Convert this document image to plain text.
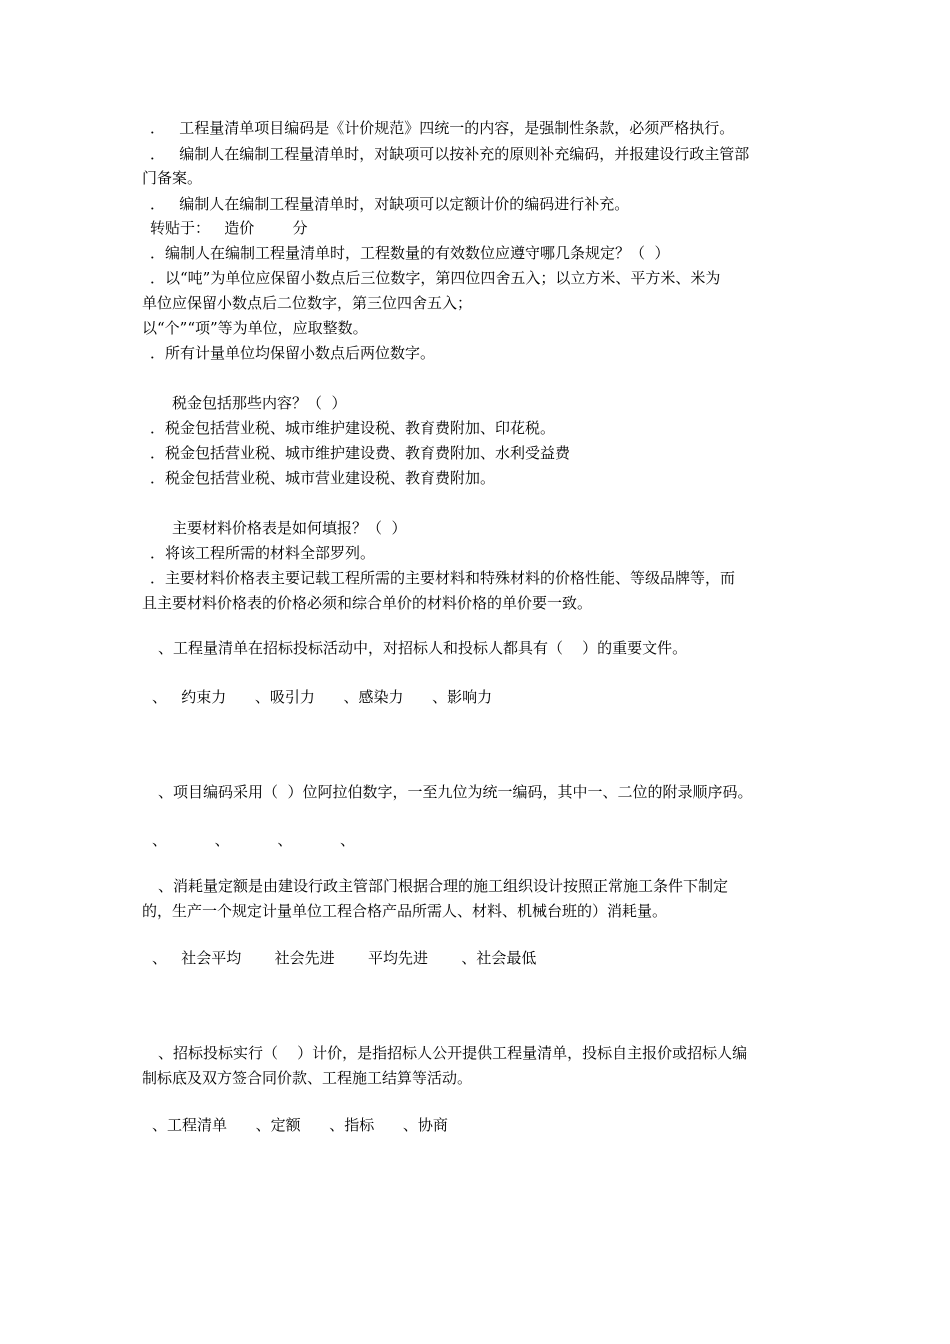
．   工程量清单项目编码是《计价规范》四统一的内容，是强制性条款，必须严格执行。
．   编制人在编制工程量清单时，对缺项可以按补充的原则补充编码，并报建设行政主管部
门备案。
．   编制人在编制工程量清单时，对缺项可以定额计价的编码进行补充。
转贴于：   造价        分
．编制人在编制工程量清单时，工程数量的有效数位应遵守哪几条规定？（  ）
．以“吨”为单位应保留小数点后三位数字，第四位四舍五入；以立方米、平方米、米为
单位应保留小数点后二位数字，第三位四舍五入；
以“个”“项”等为单位，应取整数。
．所有计量单位均保留小数点后两位数字。
税金包括那些内容？（  ）
．税金包括营业税、城市维护建设税、教育费附加、印花税。
．税金包括营业税、城市维护建设费、教育费附加、水利受益费
．税金包括营业税、城市营业建设税、教育费附加。
主要材料价格表是如何填报？（  ）
．将该工程所需的材料全部罗列。
．主要材料价格表主要记载工程所需的主要材料和特殊材料的价格性能、等级品牌等，而
且主要材料价格表的价格必须和综合单价的材料价格的单价要一致。
、工程量清单在招标投标活动中，对招标人和投标人都具有（    ）的重要文件。
、   约束力      、吸引力      、感染力      、影响力
、项目编码采用（  ）位阿拉伯数字，一至九位为统一编码，其中一、二位的附录顺序码。
、          、          、          、
、消耗量定额是由建设行政主管部门根据合理的施工组织设计按照正常施工条件下制定
的，生产一个规定计量单位工程合格产品所需人、材料、机械台班的）消耗量。
、   社会平均       社会先进       平均先进       、社会最低
、招标投标实行（    ）计价，是指招标人公开提供工程量清单，投标自主报价或招标人编
制标底及双方签合同价款、工程施工结算等活动。
、工程清单      、定额      、指标      、协商
